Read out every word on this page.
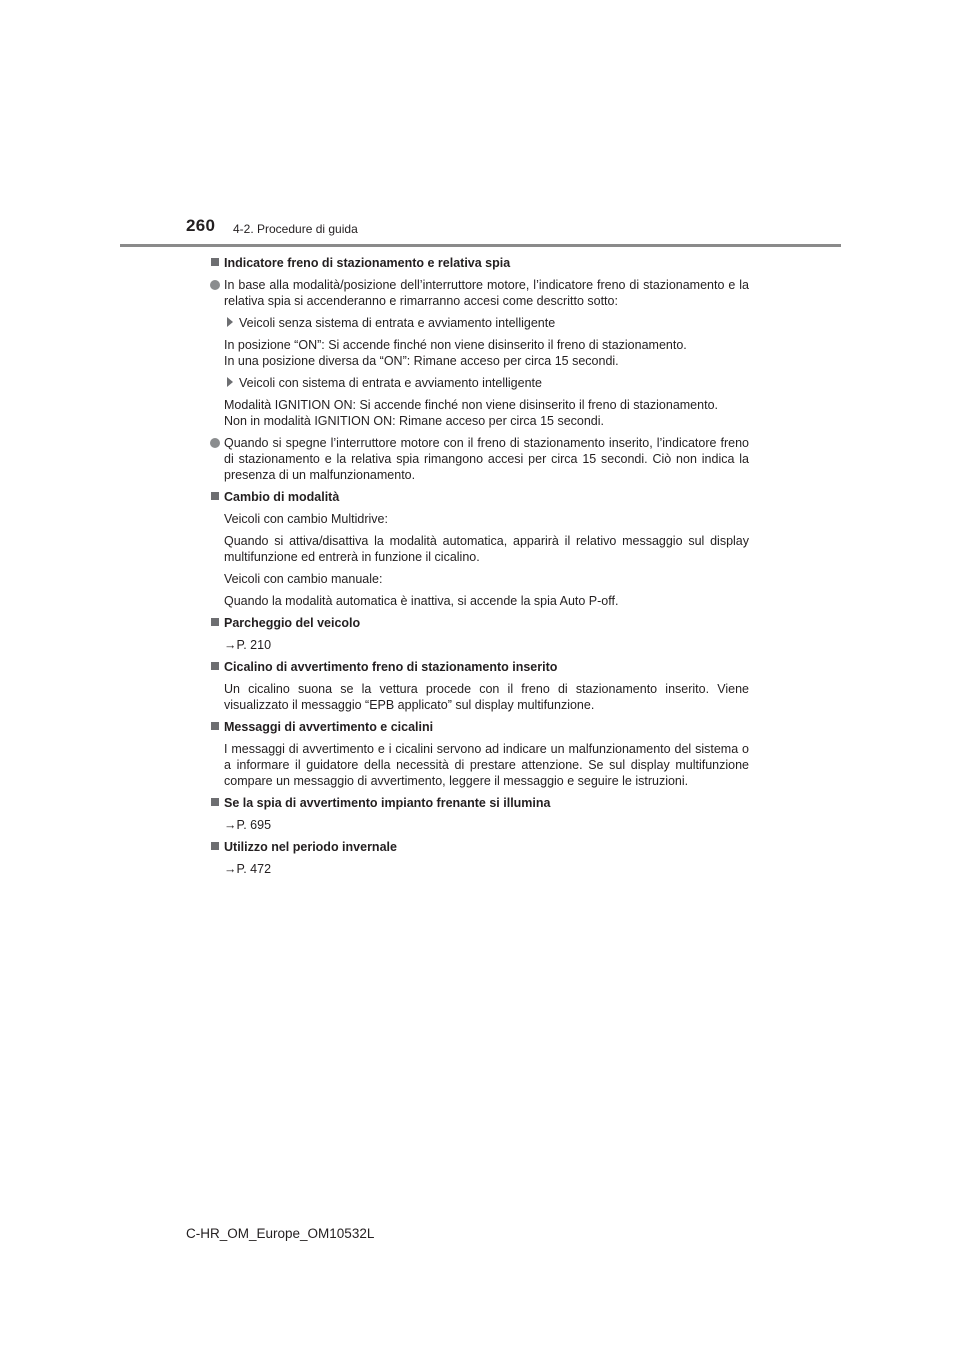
260 4-2. Procedure di guida
Indicatore freno di stazionamento e relativa spia
In base alla modalità/posizione dell’interruttore motore, l’indicatore freno di stazionamento e la relativa spia si accenderanno e rimarranno accesi come descritto sotto:
Veicoli senza sistema di entrata e avviamento intelligente

In posizione “ON”: Si accende finché non viene disinserito il freno di stazionamento.

In una posizione diversa da “ON”: Rimane acceso per circa 15 secondi.

Veicoli con sistema di entrata e avviamento intelligente

Modalità IGNITION ON: Si accende finché non viene disinserito il freno di stazionamento.

Non in modalità IGNITION ON: Rimane acceso per circa 15 secondi.

Quando si spegne l’interruttore motore con il freno di stazionamento inserito, l’indicatore freno di stazionamento e la relativa spia rimangono accesi per circa 15 secondi. Ciò non indica la presenza di un malfunzionamento.
Cambio di modalità
Veicoli con cambio Multidrive:
Quando si attiva/disattiva la modalità automatica, apparirà il relativo messaggio sul display multifunzione ed entrerà in funzione il cicalino.
Veicoli con cambio manuale:
Quando la modalità automatica è inattiva, si accende la spia Auto P-off.
Parcheggio del veicolo
→P. 210
Cicalino di avvertimento freno di stazionamento inserito
Un cicalino suona se la vettura procede con il freno di stazionamento inserito. Viene visualizzato il messaggio “EPB applicato” sul display multifunzione.
Messaggi di avvertimento e cicalini
I messaggi di avvertimento e i cicalini servono ad indicare un malfunzionamento del sistema o a informare il guidatore della necessità di prestare attenzione. Se sul display multifunzione compare un messaggio di avvertimento, leggere il messaggio e seguire le istruzioni.
Se la spia di avvertimento impianto frenante si illumina
→P. 695
Utilizzo nel periodo invernale
→P. 472
C-HR_OM_Europe_OM10532L
